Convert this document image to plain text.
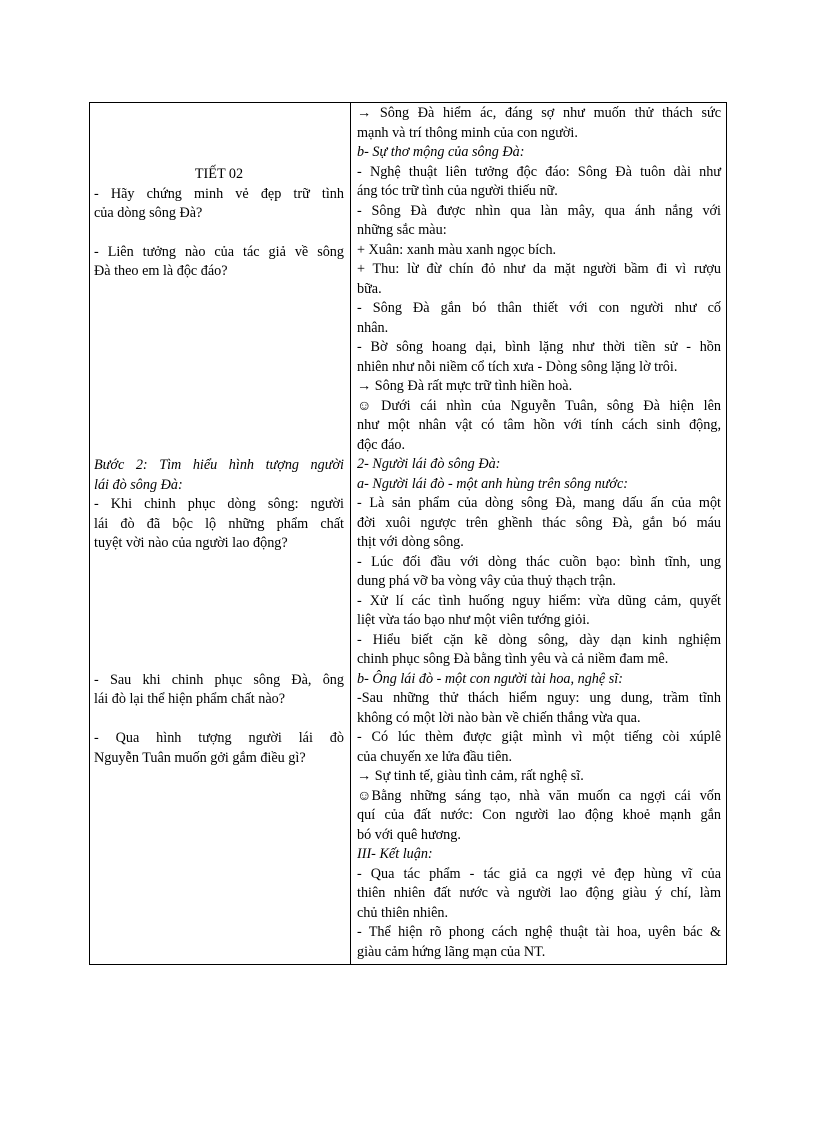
TIẾT 02
- Hãy chứng minh vẻ đẹp trữ tình
của dòng sông Đà?
- Liên tưởng nào của tác giả về sông
Đà theo em là độc đáo?
Bước 2: Tìm hiểu hình tượng người
lái đò sông Đà:
- Khi chinh phục dòng sông: người
lái đò đã bộc lộ những phẩm chất
tuyệt vời nào của người lao động?
- Sau khi chinh phục sông Đà, ông
lái đò lại thể hiện phẩm chất nào?
- Qua hình tượng người lái đò
Nguyễn Tuân muốn gởi gắm điều gì?
→ Sông Đà hiểm ác, đáng sợ như muốn thử thách sức
mạnh và trí thông minh của con người.
b- Sự thơ mộng của sông Đà:
- Nghệ thuật liên tưởng độc đáo: Sông Đà tuôn dài như
áng tóc trữ tình của người thiếu nữ.
- Sông Đà được nhìn qua làn mây, qua ánh nắng với
những sắc màu:
+ Xuân: xanh màu xanh ngọc bích.
+ Thu: lừ đừ chín đỏ như da mặt người bầm đi vì rượu
bữa.
- Sông Đà gắn bó thân thiết với con người như cố
nhân.
- Bờ sông hoang dại, bình lặng như thời tiền sử - hồn
nhiên như nỗi niềm cổ tích xưa - Dòng sông lặng lờ trôi.
→ Sông Đà rất mực trữ tình hiền hoà.
☺ Dưới cái nhìn của Nguyễn Tuân, sông Đà hiện lên
như một nhân vật có tâm hồn với tính cách sinh động,
độc đáo.
2- Người lái đò sông Đà:
a- Người lái đò - một anh hùng trên sông nước:
- Là sản phẩm của dòng sông Đà, mang dấu ấn của một
đời xuôi ngược trên ghềnh thác sông Đà, gắn bó máu
thịt với dòng sông.
- Lúc đối đầu với dòng thác cuồn bạo: bình tĩnh, ung
dung phá vỡ ba vòng vây của thuỷ thạch trận.
- Xử lí các tình huống nguy hiểm: vừa dũng cảm, quyết
liệt vừa táo bạo như một viên tướng giỏi.
- Hiểu biết cặn kẽ dòng sông, dày dạn kinh nghiệm
chinh phục sông Đà bằng tình yêu và cả niềm đam mê.
b- Ông lái đò - một con người tài hoa, nghệ sĩ:
-Sau những thử thách hiểm nguy: ung dung, trầm tĩnh
không có một lời nào bàn về chiến thắng vừa qua.
- Có lúc thèm được giật mình vì một tiếng còi xúplê
của chuyến xe lửa đầu tiên.
→ Sự tinh tế, giàu tình cảm, rất nghệ sĩ.
☺Bằng những sáng tạo, nhà văn muốn ca ngợi cái vốn
quí của đất nước: Con người lao động khoẻ mạnh gắn
bó với quê hương.
III- Kết luận:
- Qua tác phẩm - tác giả ca ngợi vẻ đẹp hùng vĩ của
thiên nhiên đất nước và người lao động giàu ý chí, làm
chủ thiên nhiên.
- Thể hiện rõ phong cách nghệ thuật tài hoa, uyên bác &
giàu cảm hứng lãng mạn của NT.
